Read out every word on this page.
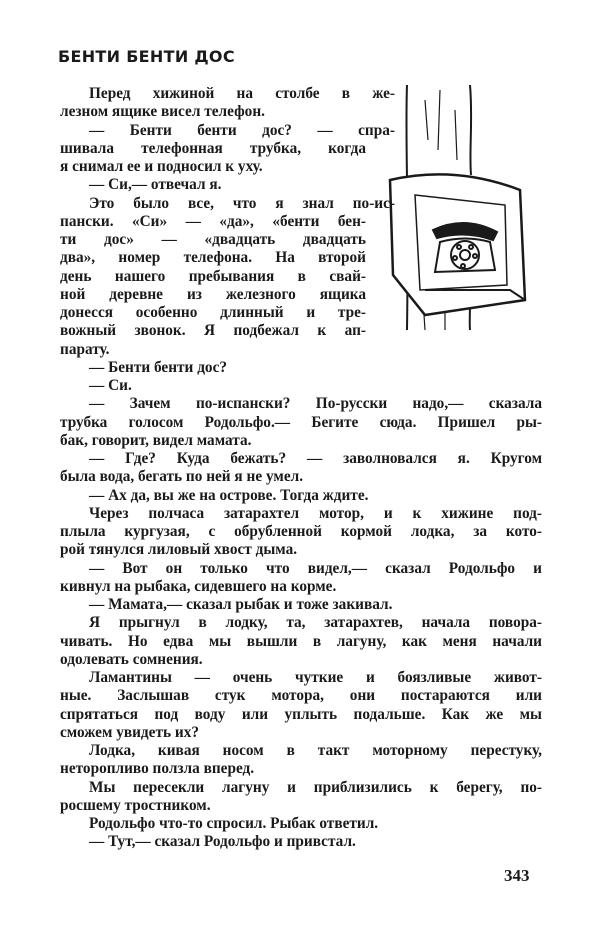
БЕНТИ БЕНТИ ДОС
Перед хижиной на столбе в же-
лезном ящике висел телефон.
— Бенти бенти дос? — спра-
шивала телефонная трубка, когда
я снимал ее и подносил к уху.
— Си,— отвечал я.
Это было все, что я знал по-ис-
пански. «Си» — «да», «бенти бен-
ти дос» — «двадцать двадцать
два», номер телефона. На второй
день нашего пребывания в свай-
ной деревне из железного ящика
донесся особенно длинный и тре-
вожный звонок. Я подбежал к ап-
парату.
— Бенти бенти дос?
— Си.
— Зачем по-испански? По-русски надо,— сказала
трубка голосом Родольфо.— Бегите сюда. Пришел ры-
бак, говорит, видел мамата.
— Где? Куда бежать? — заволновался я. Кругом
была вода, бегать по ней я не умел.
— Ах да, вы же на острове. Тогда ждите.
Через полчаса затарахтел мотор, и к хижине под-
плыла кургузая, с обрубленной кормой лодка, за кото-
рой тянулся лиловый хвост дыма.
— Вот он только что видел,— сказал Родольфо и
кивнул на рыбака, сидевшего на корме.
— Мамата,— сказал рыбак и тоже закивал.
Я прыгнул в лодку, та, затарахтев, начала повора-
чивать. Но едва мы вышли в лагуну, как меня начали
одолевать сомнения.
Ламантины — очень чуткие и боязливые живот-
ные. Заслышав стук мотора, они постараются или
спрятаться под воду или уплыть подальше. Как же мы
сможем увидеть их?
Лодка, кивая носом в такт моторному перестуку,
неторопливо ползла вперед.
Мы пересекли лагуну и приблизились к берегу, по-
росшему тростником.
Родольфо что-то спросил. Рыбак ответил.
— Тут,— сказал Родольфо и привстал.
343
